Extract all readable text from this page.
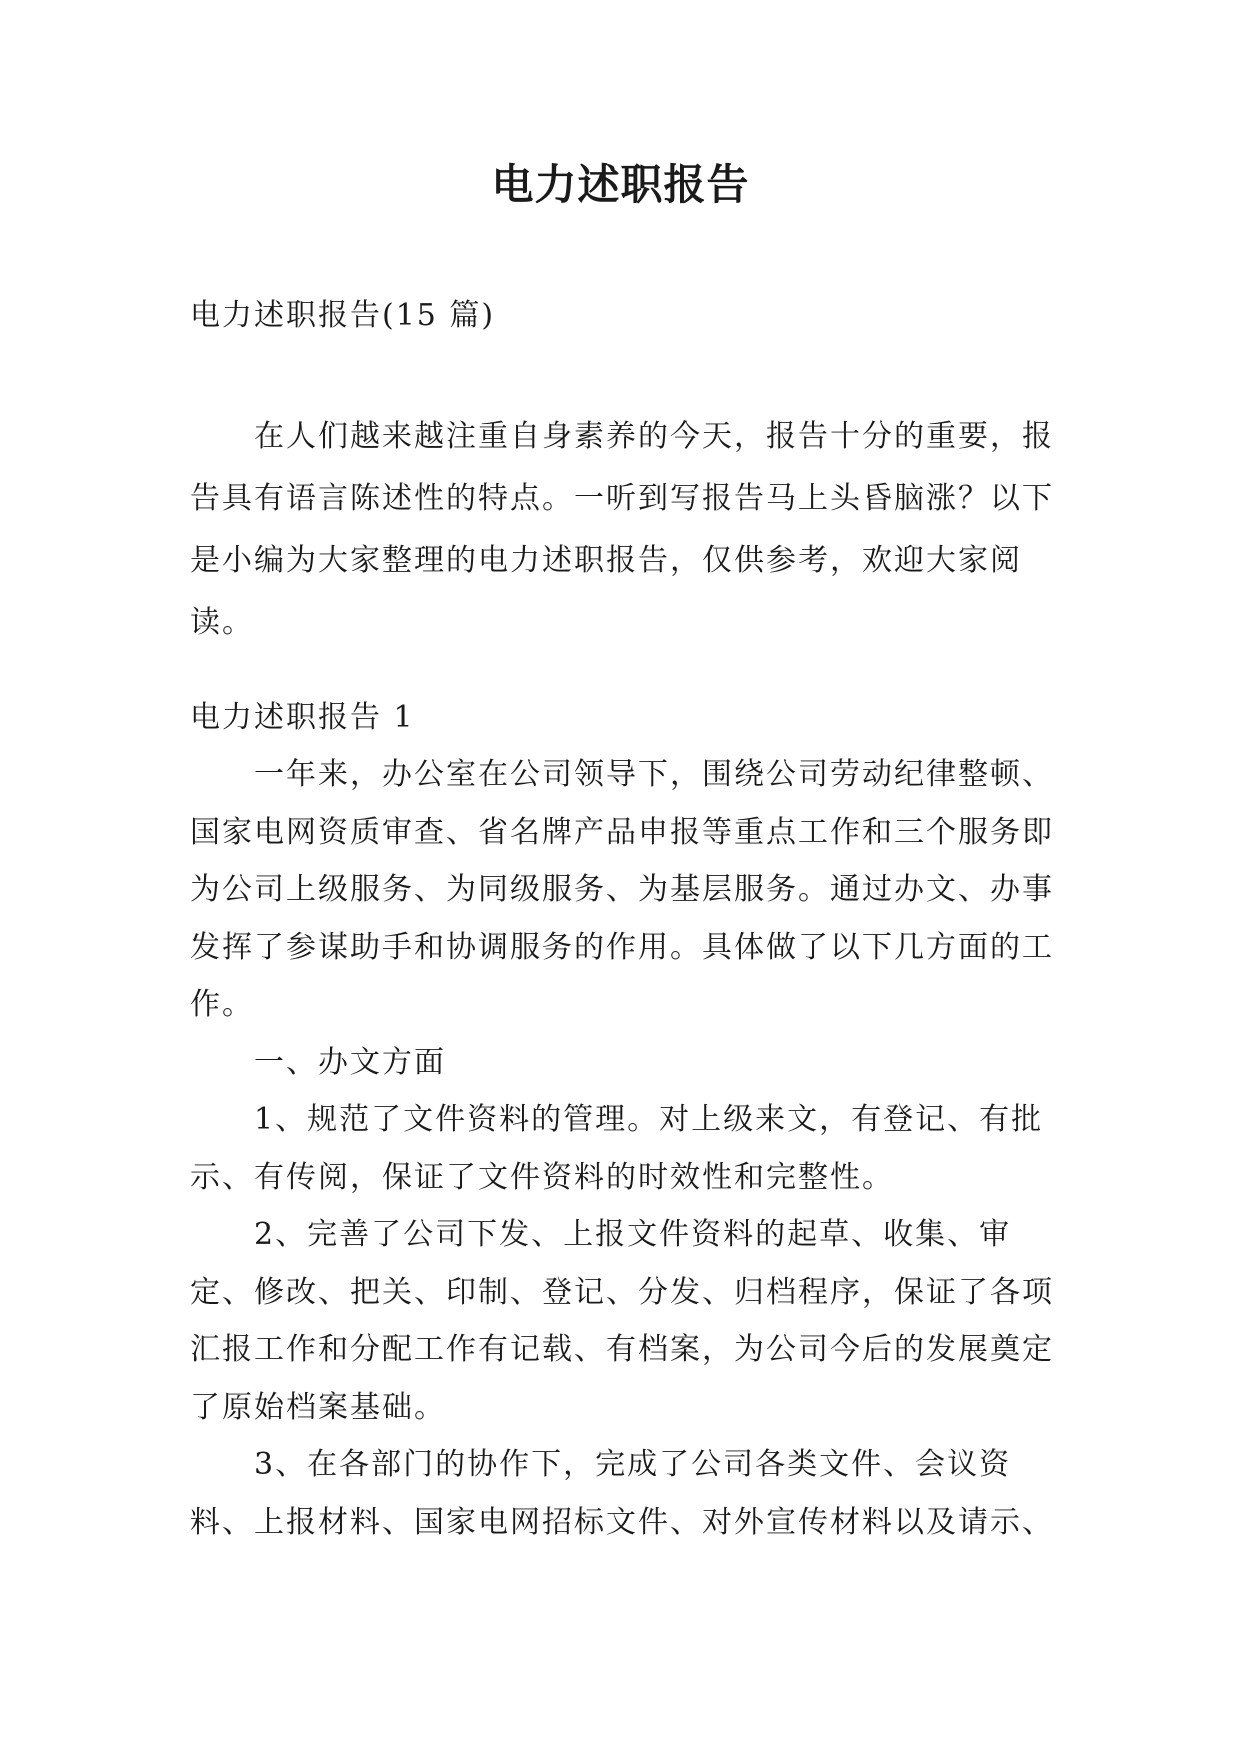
电力述职报告
电力述职报告(15 篇)

在人们越来越注重自身素养的今天，报告十分的重要，报告具有语言陈述性的特点。一听到写报告马上头昏脑涨？以下是小编为大家整理的电力述职报告，仅供参考，欢迎大家阅读。

电力述职报告 1

一年来，办公室在公司领导下，围绕公司劳动纪律整顿、国家电网资质审查、省名牌产品申报等重点工作和三个服务即为公司上级服务、为同级服务、为基层服务。通过办文、办事发挥了参谋助手和协调服务的作用。具体做了以下几方面的工作。

一、办文方面

1、规范了文件资料的管理。对上级来文，有登记、有批示、有传阅，保证了文件资料的时效性和完整性。

2、完善了公司下发、上报文件资料的起草、收集、审定、修改、把关、印制、登记、分发、归档程序，保证了各项汇报工作和分配工作有记载、有档案，为公司今后的发展奠定了原始档案基础。

3、在各部门的协作下，完成了公司各类文件、会议资料、上报材料、国家电网招标文件、对外宣传材料以及请示、
